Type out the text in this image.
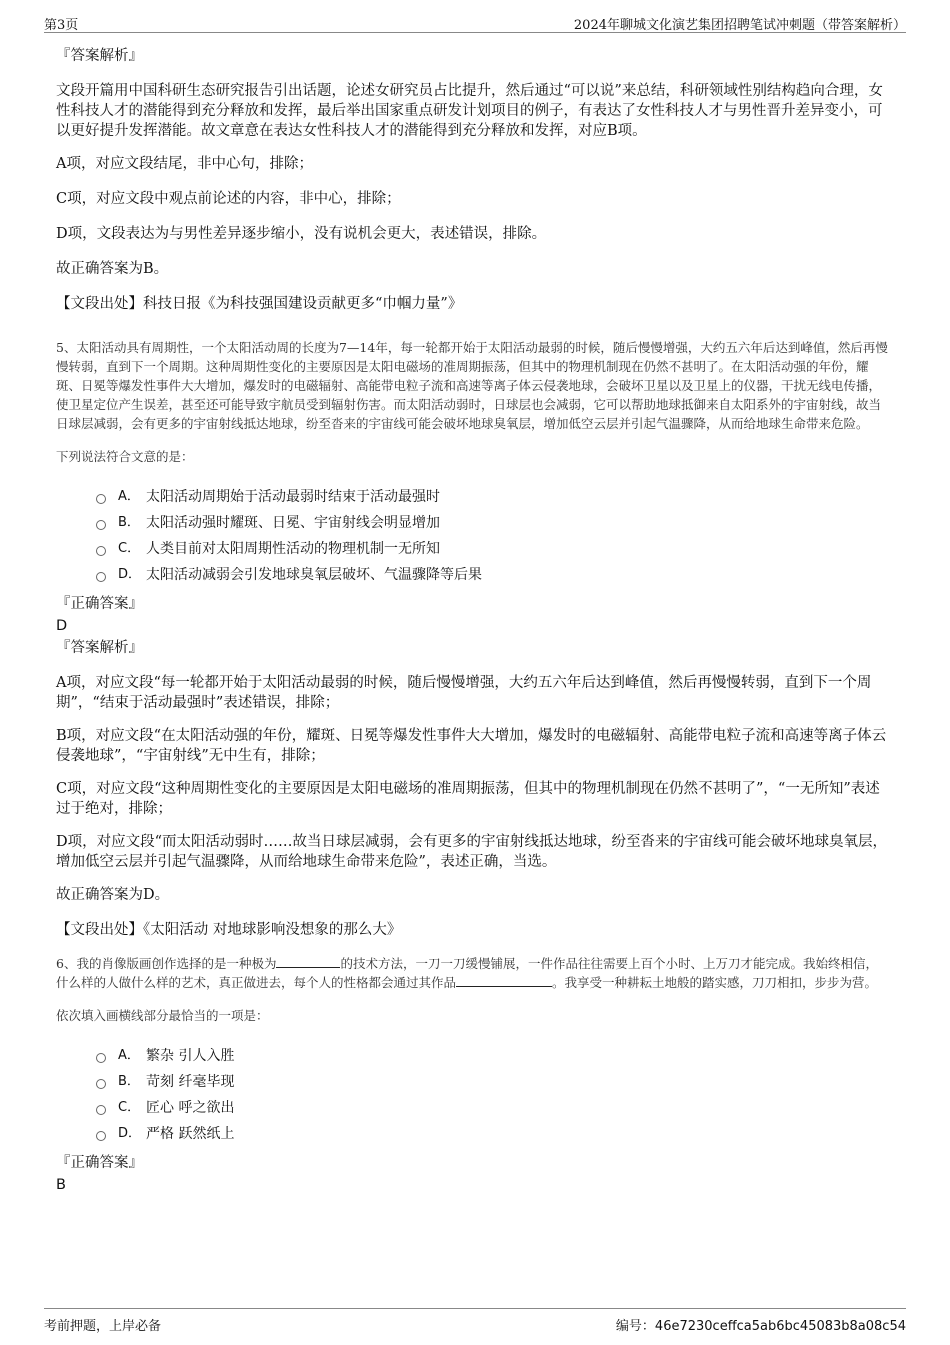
第3页	2024年聊城文化演艺集团招聘笔试冲刺题（带答案解析）

『答案解析』

文段开篇用中国科研生态研究报告引出话题，论述女研究员占比提升，然后通过“可以说”来总结，科研领域性别结构趋向合理，女性科技人才的潜能得到充分释放和发挥，最后举出国家重点研发计划项目的例子，有表达了女性科技人才与男性晋升差异变小，可以更好提升发挥潜能。故文章意在表达女性科技人才的潜能得到充分释放和发挥，对应B项。

A项，对应文段结尾，非中心句，排除；

C项，对应文段中观点前论述的内容，非中心，排除；

D项，文段表达为与男性差异逐步缩小，没有说机会更大，表述错误，排除。

故正确答案为B。

【文段出处】科技日报《为科技强国建设贡献更多“巾帼力量”》

5、太阳活动具有周期性，一个太阳活动周的长度为7—14年，每一轮都开始于太阳活动最弱的时候，随后慢慢增强，大约五六年后达到峰值，然后再慢慢转弱，直到下一个周期。这种周期性变化的主要原因是太阳电磁场的准周期振荡，但其中的物理机制现在仍然不甚明了。在太阳活动强的年份，耀斑、日冕等爆发性事件大大增加，爆发时的电磁辐射、高能带电粒子流和高速等离子体云侵袭地球，会破坏卫星以及卫星上的仪器，干扰无线电传播，使卫星定位产生误差，甚至还可能导致宇航员受到辐射伤害。而太阳活动弱时，日球层也会减弱，它可以帮助地球抵御来自太阳系外的宇宙射线，故当日球层减弱，会有更多的宇宙射线抵达地球，纷至沓来的宇宙线可能会破坏地球臭氧层，增加低空云层并引起气温骤降，从而给地球生命带来危险。

下列说法符合文意的是：

A． 太阳活动周期始于活动最弱时结束于活动最强时
B． 太阳活动强时耀斑、日冕、宇宙射线会明显增加
C． 人类目前对太阳周期性活动的物理机制一无所知
D． 太阳活动减弱会引发地球臭氧层破坏、气温骤降等后果

『正确答案』

D

『答案解析』

A项，对应文段“每一轮都开始于太阳活动最弱的时候，随后慢慢增强，大约五六年后达到峰值，然后再慢慢转弱，直到下一个周期”，“结束于活动最强时”表述错误，排除；

B项，对应文段“在太阳活动强的年份，耀斑、日冕等爆发性事件大大增加，爆发时的电磁辐射、高能带电粒子流和高速等离子体云侵袭地球”，“宇宙射线”无中生有，排除；

C项，对应文段“这种周期性变化的主要原因是太阳电磁场的准周期振荡，但其中的物理机制现在仍然不甚明了”，“一无所知”表述过于绝对，排除；

D项，对应文段“而太阳活动弱时……故当日球层减弱，会有更多的宇宙射线抵达地球，纷至沓来的宇宙线可能会破坏地球臭氧层，增加低空云层并引起气温骤降，从而给地球生命带来危险”，表述正确，当选。

故正确答案为D。

【文段出处】《太阳活动 对地球影响没想象的那么大》

6、我的肖像版画创作选择的是一种极为	的技术方法，一刀一刀缓慢铺展，一件作品往往需要上百个小时、上万刀才能完成。我始终相信，什么样的人做什么样的艺术，真正做进去，每个人的性格都会通过其作品	。我享受一种耕耘土地般的踏实感，刀刀相扣，步步为营。

依次填入画横线部分最恰当的一项是：

A． 繁杂 引人入胜
B． 苛刻 纤毫毕现
C． 匠心 呼之欲出
D． 严格 跃然纸上

『正确答案』

B

考前押题，上岸必备	编号：46e7230ceffca5ab6bc45083b8a08c54
